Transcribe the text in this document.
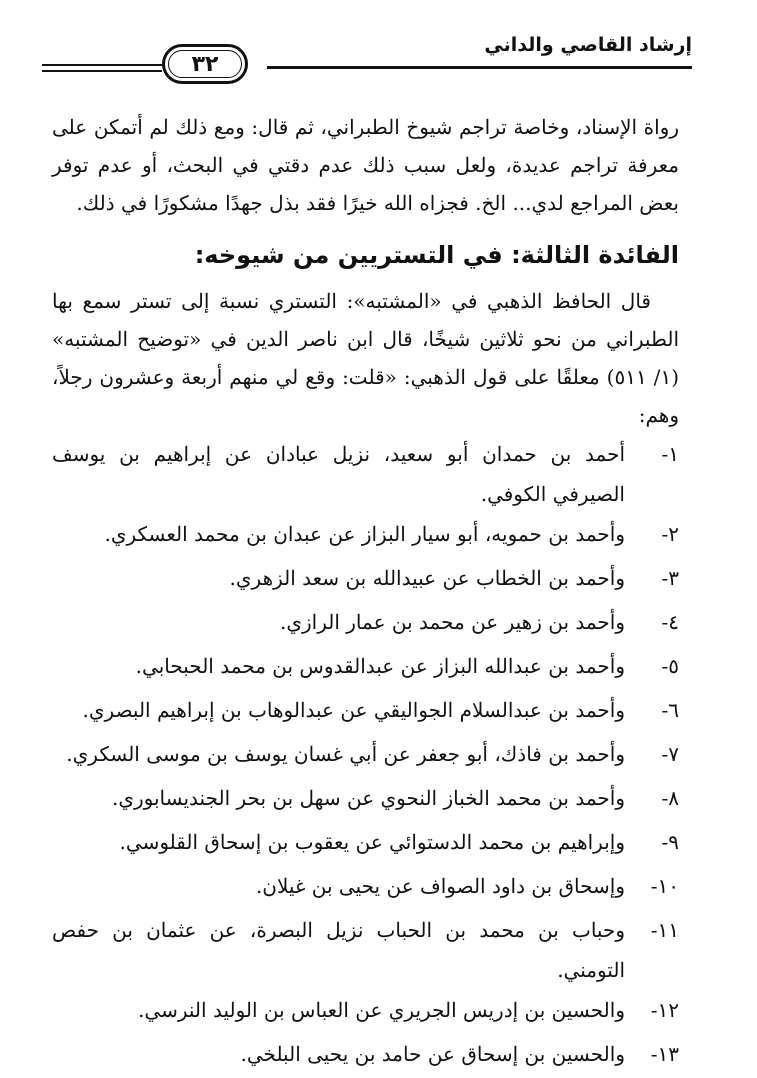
إرشاد القاصي والداني
٣٢

رواة الإسناد، وخاصة تراجم شيوخ الطبراني، ثم قال: ومع ذلك لم أتمكن على معرفة تراجم عديدة، ولعل سبب ذلك عدم دقتي في البحث، أو عدم توفر بعض المراجع لدي... الخ. فجزاه الله خيرًا فقد بذل جهدًا مشكورًا في ذلك.

الفائدة الثالثة: في التستريين من شيوخه:

قال الحافظ الذهبي في «المشتبه»: التستري نسبة إلى تستر سمع بها الطبراني من نحو ثلاثين شيخًا، قال ابن ناصر الدين في «توضيح المشتبه» (١/ ٥١١) معلقًا على قول الذهبي: «قلت: وقع لي منهم أربعة وعشرون رجلاً، وهم:

١-
أحمد بن حمدان أبو سعيد، نزيل عبادان عن إبراهيم بن يوسف الصيرفي الكوفي.
٢-
وأحمد بن حمويه، أبو سيار البزاز عن عبدان بن محمد العسكري.
٣-
وأحمد بن الخطاب عن عبيدالله بن سعد الزهري.
٤-
وأحمد بن زهير عن محمد بن عمار الرازي.
٥-
وأحمد بن عبدالله البزاز عن عبدالقدوس بن محمد الحبحابي.
٦-
وأحمد بن عبدالسلام الجواليقي عن عبدالوهاب بن إبراهيم البصري.
٧-
وأحمد بن فاذك، أبو جعفر عن أبي غسان يوسف بن موسى السكري.
٨-
وأحمد بن محمد الخباز النحوي عن سهل بن بحر الجنديسابوري.
٩-
وإبراهيم بن محمد الدستوائي عن يعقوب بن إسحاق القلوسي.
١٠-
وإسحاق بن داود الصواف عن يحيى بن غيلان.
١١-
وحباب بن محمد بن الحباب نزيل البصرة، عن عثمان بن حفص التومني.
١٢-
والحسين بن إدريس الجريري عن العباس بن الوليد النرسي.
١٣-
والحسين بن إسحاق عن حامد بن يحيى البلخي.
